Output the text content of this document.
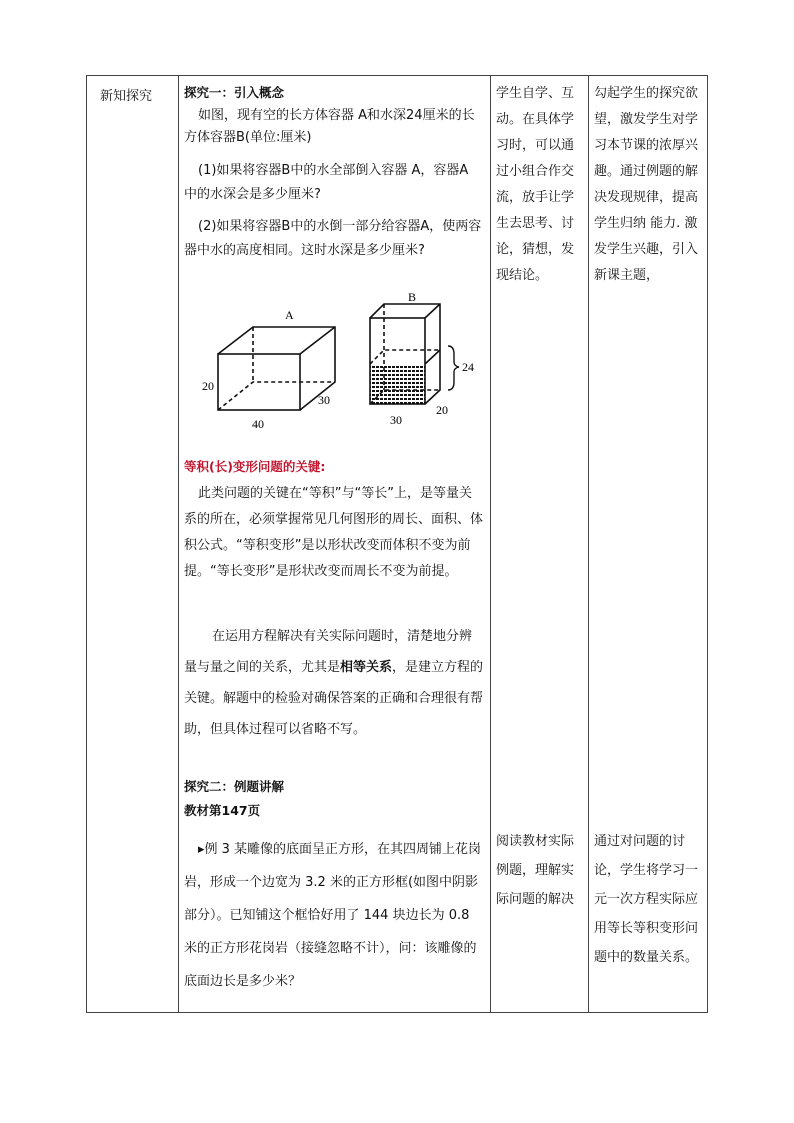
新知探究	探究一：引入概念

如图，现有空的长方体容器 A和水深24厘米的长方体容器B(单位:厘米)

(1)如果将容器B中的水全部倒入容器 A，容器A 中的水深会是多少厘米?

(2)如果将容器B中的水倒一部分给容器A，使两容器中水的高度相同。这时水深是多少厘米?

A
20
30
40
B
24
30
20

等积(长)变形问题的关键:

此类问题的关键在“等积”与“等长”上，是等量关系的所在，必须掌握常见几何图形的周长、面积、体积公式。“等积变形”是以形状改变而体积不变为前提。“等长变形”是形状改变而周长不变为前提。

在运用方程解决有关实际问题时，清楚地分辨量与量之间的关系，尤其是相等关系，是建立方程的关键。解题中的检验对确保答案的正确和合理很有帮助，但具体过程可以省略不写。

探究二：例题讲解

教材第147页

▸例 3 某雕像的底面呈正方形，在其四周铺上花岗岩，形成一个边宽为 3.2 米的正方形框(如图中阴影部分）。已知铺这个框恰好用了 144 块边长为 0.8 米的正方形花岗岩（接缝忽略不计），问：该雕像的底面边长是多少米？

学生自学、互动。在具体学习时，可以通过小组合作交流，放手让学生去思考、讨论，猜想，发现结论。
勾起学生的探究欲望，激发学生对学习本节课的浓厚兴趣。通过例题的解决发现规律，提高学生归纳 能力. 激发学生兴趣，引入新课主题，
阅读教材实际例题，理解实际问题的解决
通过对问题的讨论，学生将学习一元一次方程实际应用等长等积变形问题中的数量关系。
